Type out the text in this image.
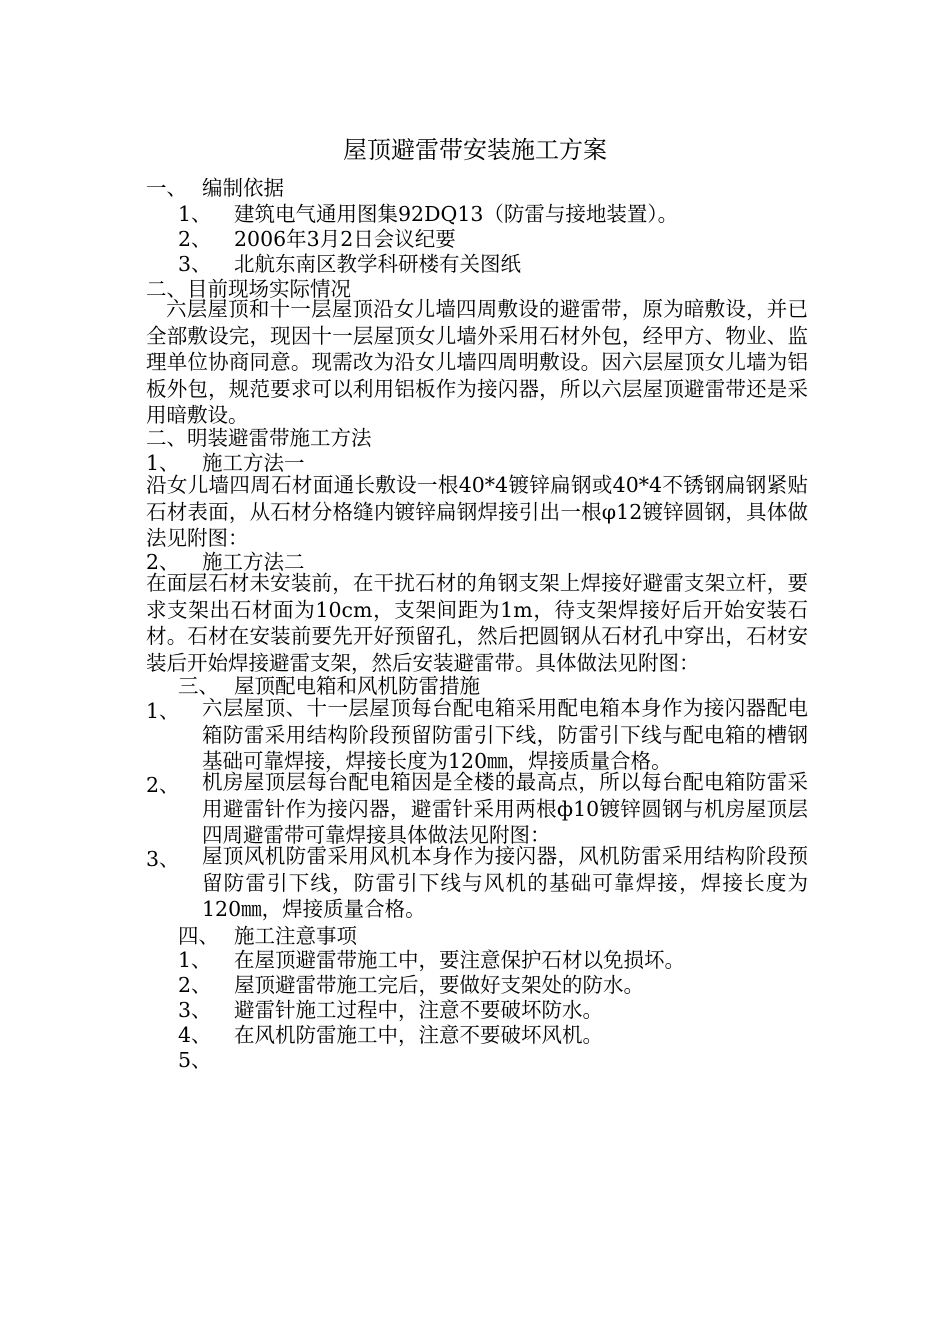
屋顶避雷带安装施工方案
一、 编制依据
1、 建筑电气通用图集92DQ13（防雷与接地装置）。
2、 2006年3月2日会议纪要
3、 北航东南区教学科研楼有关图纸
二、目前现场实际情况
六层屋顶和十一层屋顶沿女儿墙四周敷设的避雷带，原为暗敷设，并已全部敷设完，现因十一层屋顶女儿墙外采用石材外包，经甲方、物业、监理单位协商同意。现需改为沿女儿墙四周明敷设。因六层屋顶女儿墙为铝板外包，规范要求可以利用铝板作为接闪器，所以六层屋顶避雷带还是采用暗敷设。
二、明装避雷带施工方法
1、 施工方法一
沿女儿墙四周石材面通长敷设一根40*4镀锌扁钢或40*4不锈钢扁钢紧贴石材表面，从石材分格缝内镀锌扁钢焊接引出一根φ12镀锌圆钢，具体做法见附图：
2、 施工方法二
在面层石材未安装前，在干扰石材的角钢支架上焊接好避雷支架立杆，要求支架出石材面为10cm，支架间距为1m，待支架焊接好后开始安装石材。石材在安装前要先开好预留孔，然后把圆钢从石材孔中穿出，石材安装后开始焊接避雷支架，然后安装避雷带。具体做法见附图：
三、 屋顶配电箱和风机防雷措施
1、 六层屋顶、十一层屋顶每台配电箱采用配电箱本身作为接闪器配电箱防雷采用结构阶段预留防雷引下线，防雷引下线与配电箱的槽钢基础可靠焊接，焊接长度为120㎜，焊接质量合格。
2、 机房屋顶层每台配电箱因是全楼的最高点，所以每台配电箱防雷采用避雷针作为接闪器，避雷针采用两根ф10镀锌圆钢与机房屋顶层四周避雷带可靠焊接具体做法见附图：
3、 屋顶风机防雷采用风机本身作为接闪器，风机防雷采用结构阶段预留防雷引下线，防雷引下线与风机的基础可靠焊接，焊接长度为120㎜，焊接质量合格。
四、 施工注意事项
1、 在屋顶避雷带施工中，要注意保护石材以免损坏。
2、 屋顶避雷带施工完后，要做好支架处的防水。
3、 避雷针施工过程中，注意不要破坏防水。
4、 在风机防雷施工中，注意不要破坏风机。
5、
